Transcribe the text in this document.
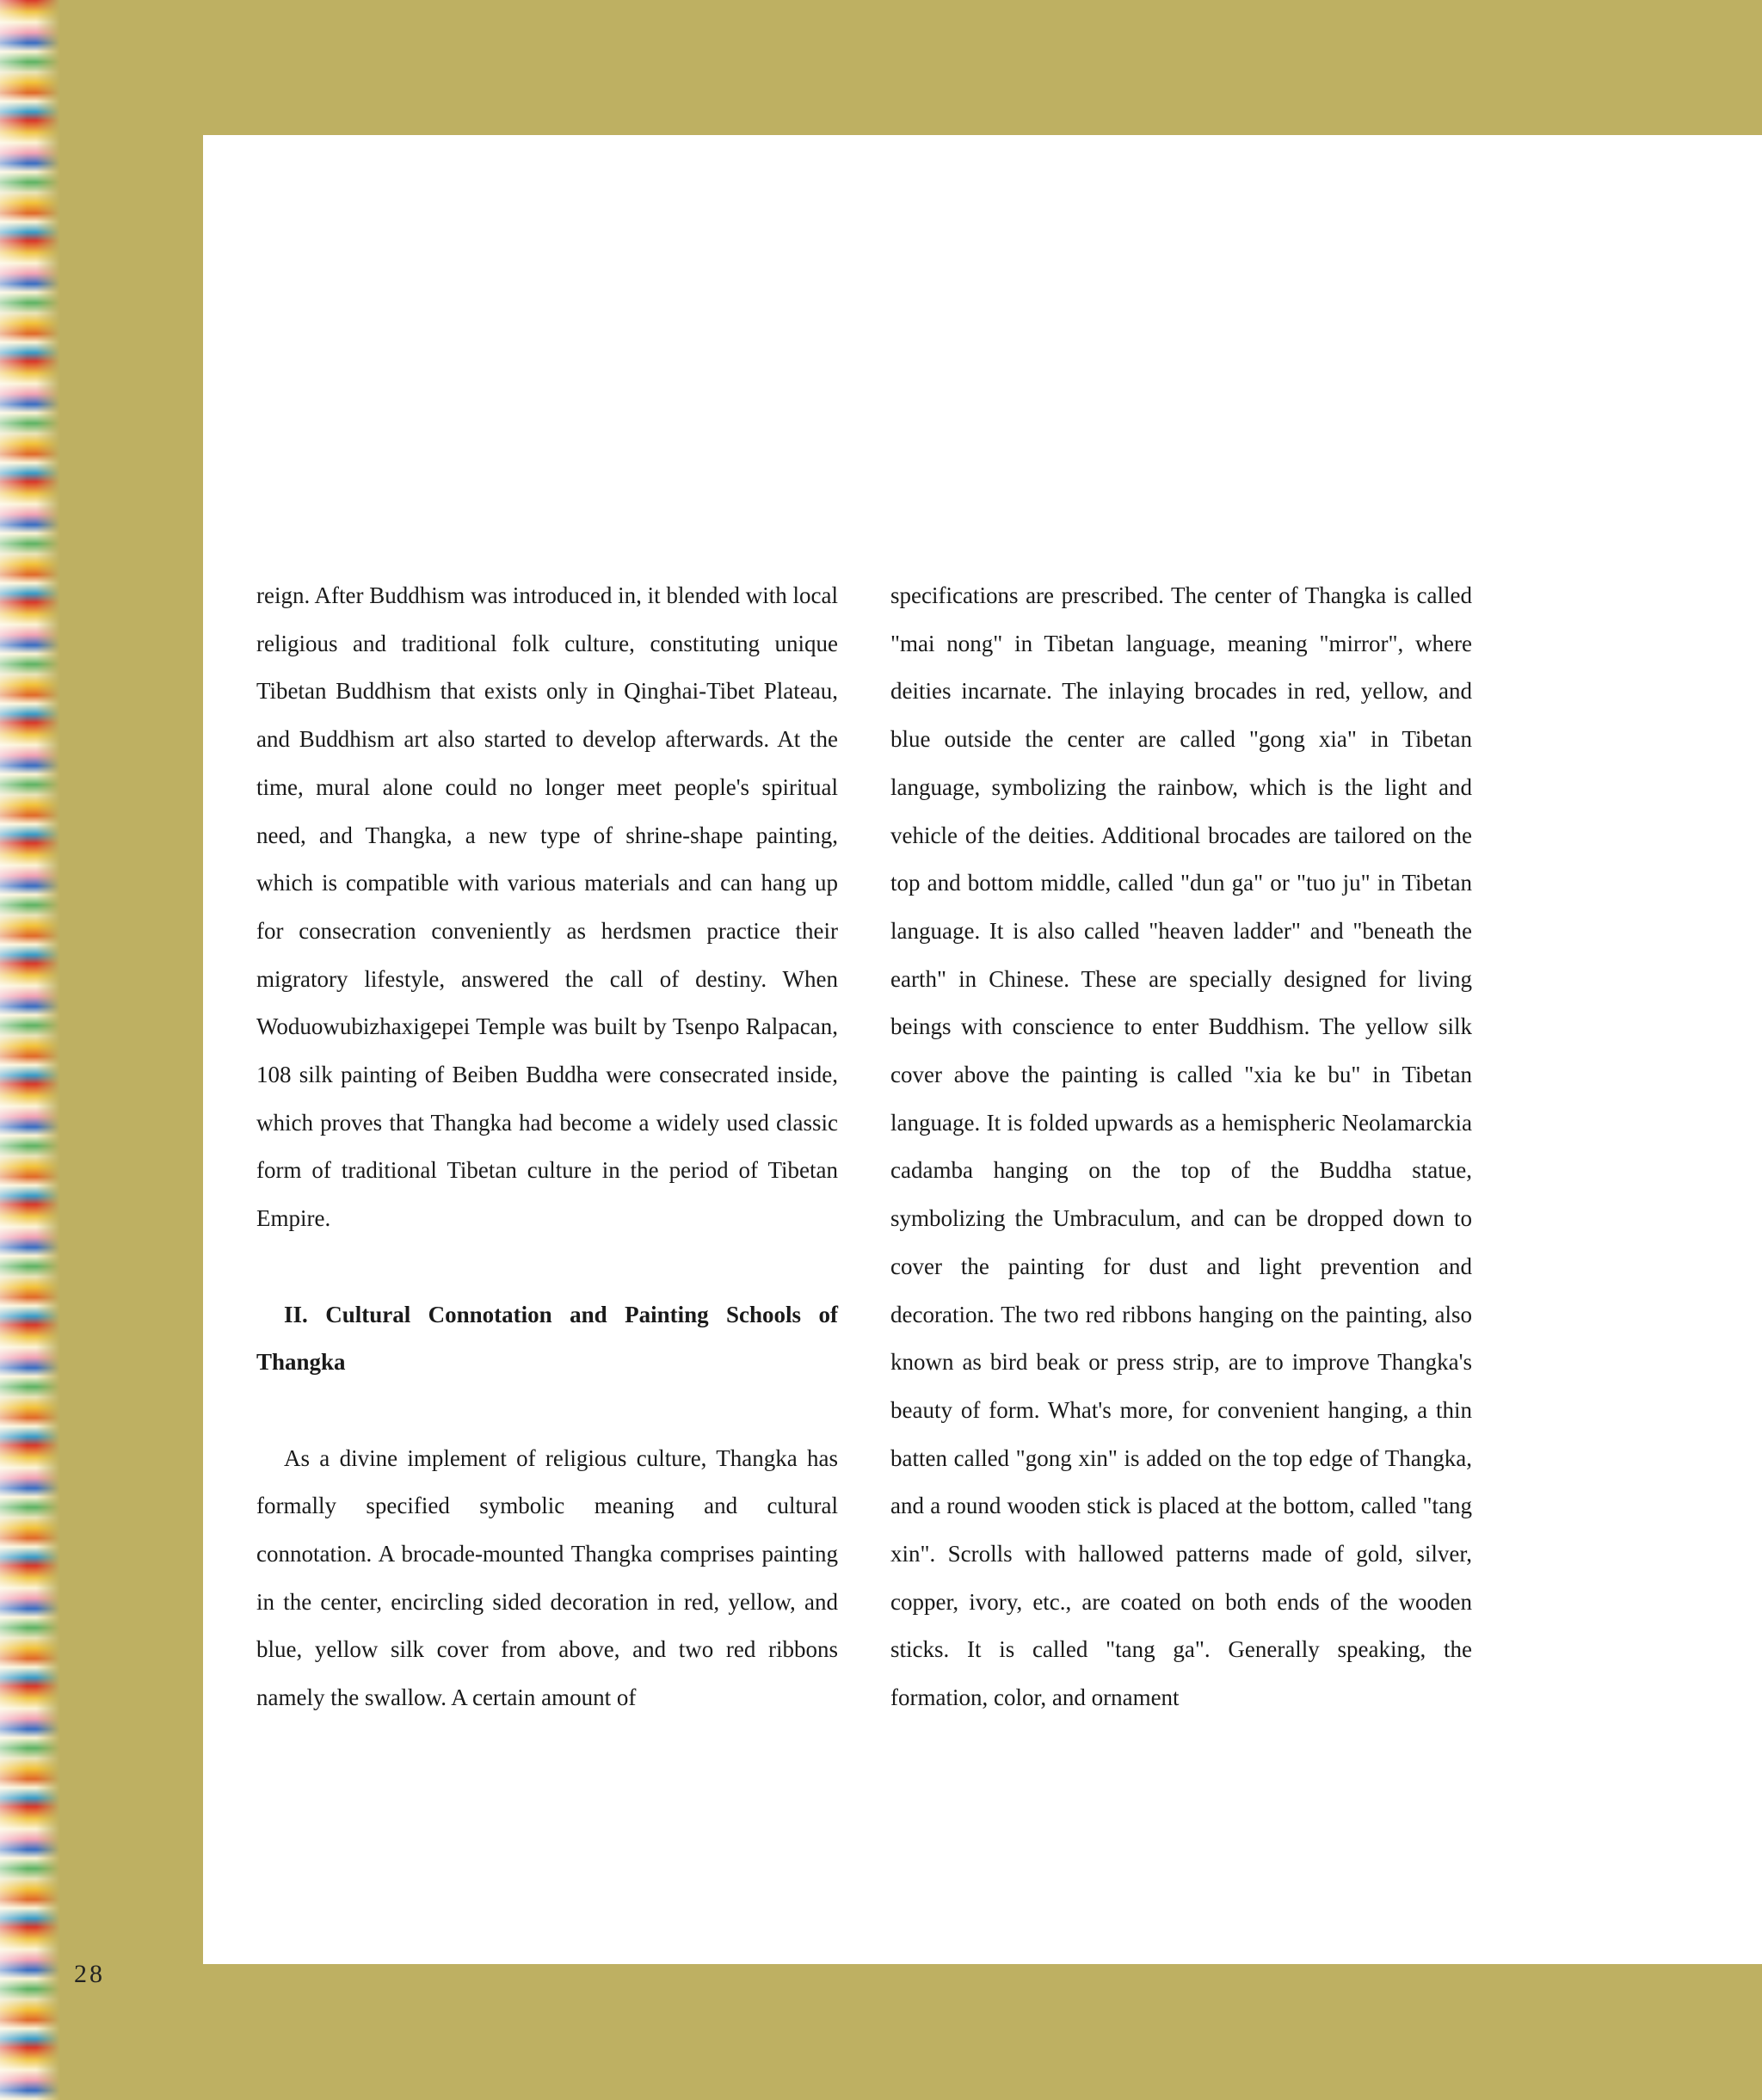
reign. After Buddhism was introduced in, it blended with local religious and traditional folk culture, constituting unique Tibetan Buddhism that exists only in Qinghai-Tibet Plateau, and Buddhism art also started to develop afterwards. At the time, mural alone could no longer meet people's spiritual need, and Thangka, a new type of shrine-shape painting, which is compatible with various materials and can hang up for consecration conveniently as herdsmen practice their migratory lifestyle, answered the call of destiny. When Woduowubizhaxigepei Temple was built by Tsenpo Ralpacan, 108 silk painting of Beiben Buddha were consecrated inside, which proves that Thangka had become a widely used classic form of traditional Tibetan culture in the period of Tibetan Empire.

II. Cultural Connotation and Painting Schools of Thangka

As a divine implement of religious culture, Thangka has formally specified symbolic meaning and cultural connotation. A brocade-mounted Thangka comprises painting in the center, encircling sided decoration in red, yellow, and blue, yellow silk cover from above, and two red ribbons namely the swallow. A certain amount of

specifications are prescribed. The center of Thangka is called "mai nong" in Tibetan language, meaning "mirror", where deities incarnate. The inlaying brocades in red, yellow, and blue outside the center are called "gong xia" in Tibetan language, symbolizing the rainbow, which is the light and vehicle of the deities. Additional brocades are tailored on the top and bottom middle, called "dun ga" or "tuo ju" in Tibetan language. It is also called "heaven ladder" and "beneath the earth" in Chinese. These are specially designed for living beings with conscience to enter Buddhism. The yellow silk cover above the painting is called "xia ke bu" in Tibetan language. It is folded upwards as a hemispheric Neolamarckia cadamba hanging on the top of the Buddha statue, symbolizing the Umbraculum, and can be dropped down to cover the painting for dust and light prevention and decoration. The two red ribbons hanging on the painting, also known as bird beak or press strip, are to improve Thangka's beauty of form. What's more, for convenient hanging, a thin batten called "gong xin" is added on the top edge of Thangka, and a round wooden stick is placed at the bottom, called "tang xin". Scrolls with hallowed patterns made of gold, silver, copper, ivory, etc., are coated on both ends of the wooden sticks. It is called "tang ga". Generally speaking, the formation, color, and ornament

28
